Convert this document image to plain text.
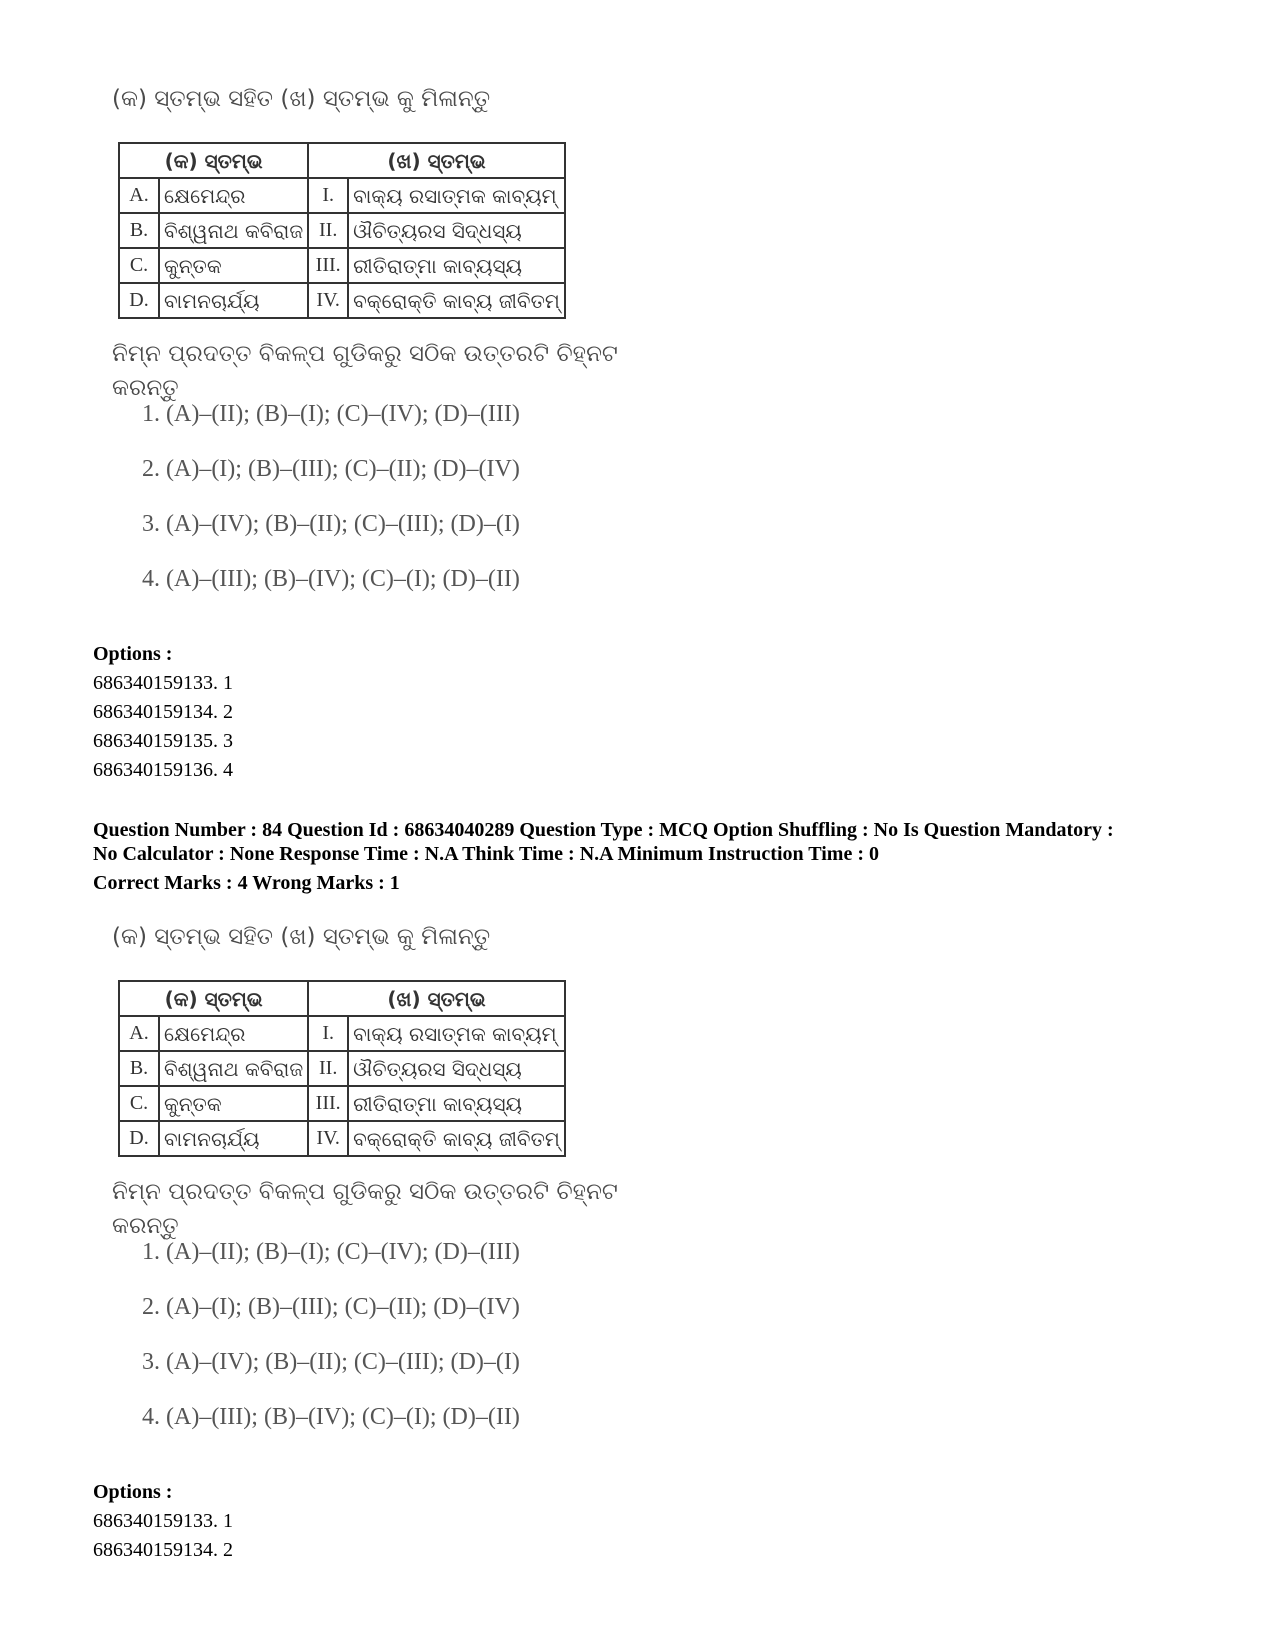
(କ) ସ୍ତମ୍ଭ ସହିତ (ଖ) ସ୍ତମ୍ଭ କୁ ମିଳାନ୍ତୁ
(କ) ସ୍ତମ୍ଭ		(ଖ) ସ୍ତମ୍ଭ	
A.	କ୍ଷେମେନ୍ଦ୍ର	I.	ବାକ୍ୟ ରସାତ୍ମକ କାବ୍ୟମ୍
B.	ବିଶ୍ୱନାଥ କବିରାଜ	II.	ଔଚିତ୍ୟରସ ସିଦ୍ଧସ୍ୟ
C.	କୁନ୍ତକ	III.	ରୀତିରାତ୍ମା କାବ୍ୟସ୍ୟ
D.	ବାମନଚାର୍ଯ୍ୟ	IV.	ବକ୍ରୋକ୍ତି କାବ୍ୟ ଜୀବିତମ୍
ନିମ୍ନ ପ୍ରଦତ୍ତ ବିକଳ୍ପ ଗୁଡିକରୁ ସଠିକ ଉତ୍ତରଟି ଚିହ୍ନଟ କରନ୍ତୁ
1. (A)–(II); (B)–(I); (C)–(IV); (D)–(III)
2. (A)–(I); (B)–(III); (C)–(II); (D)–(IV)
3. (A)–(IV); (B)–(II); (C)–(III); (D)–(I)
4. (A)–(III); (B)–(IV); (C)–(I); (D)–(II)
Options :
686340159133. 1
686340159134. 2
686340159135. 3
686340159136. 4
Question Number : 84 Question Id : 68634040289 Question Type : MCQ Option Shuffling : No Is Question Mandatory :
No Calculator : None Response Time : N.A Think Time : N.A Minimum Instruction Time : 0
Correct Marks : 4 Wrong Marks : 1
(କ) ସ୍ତମ୍ଭ ସହିତ (ଖ) ସ୍ତମ୍ଭ କୁ ମିଳାନ୍ତୁ
(କ) ସ୍ତମ୍ଭ		(ଖ) ସ୍ତମ୍ଭ	
A.	କ୍ଷେମେନ୍ଦ୍ର	I.	ବାକ୍ୟ ରସାତ୍ମକ କାବ୍ୟମ୍
B.	ବିଶ୍ୱନାଥ କବିରାଜ	II.	ଔଚିତ୍ୟରସ ସିଦ୍ଧସ୍ୟ
C.	କୁନ୍ତକ	III.	ରୀତିରାତ୍ମା କାବ୍ୟସ୍ୟ
D.	ବାମନଚାର୍ଯ୍ୟ	IV.	ବକ୍ରୋକ୍ତି କାବ୍ୟ ଜୀବିତମ୍
ନିମ୍ନ ପ୍ରଦତ୍ତ ବିକଳ୍ପ ଗୁଡିକରୁ ସଠିକ ଉତ୍ତରଟି ଚିହ୍ନଟ କରନ୍ତୁ
1. (A)–(II); (B)–(I); (C)–(IV); (D)–(III)
2. (A)–(I); (B)–(III); (C)–(II); (D)–(IV)
3. (A)–(IV); (B)–(II); (C)–(III); (D)–(I)
4. (A)–(III); (B)–(IV); (C)–(I); (D)–(II)
Options :
686340159133. 1
686340159134. 2
